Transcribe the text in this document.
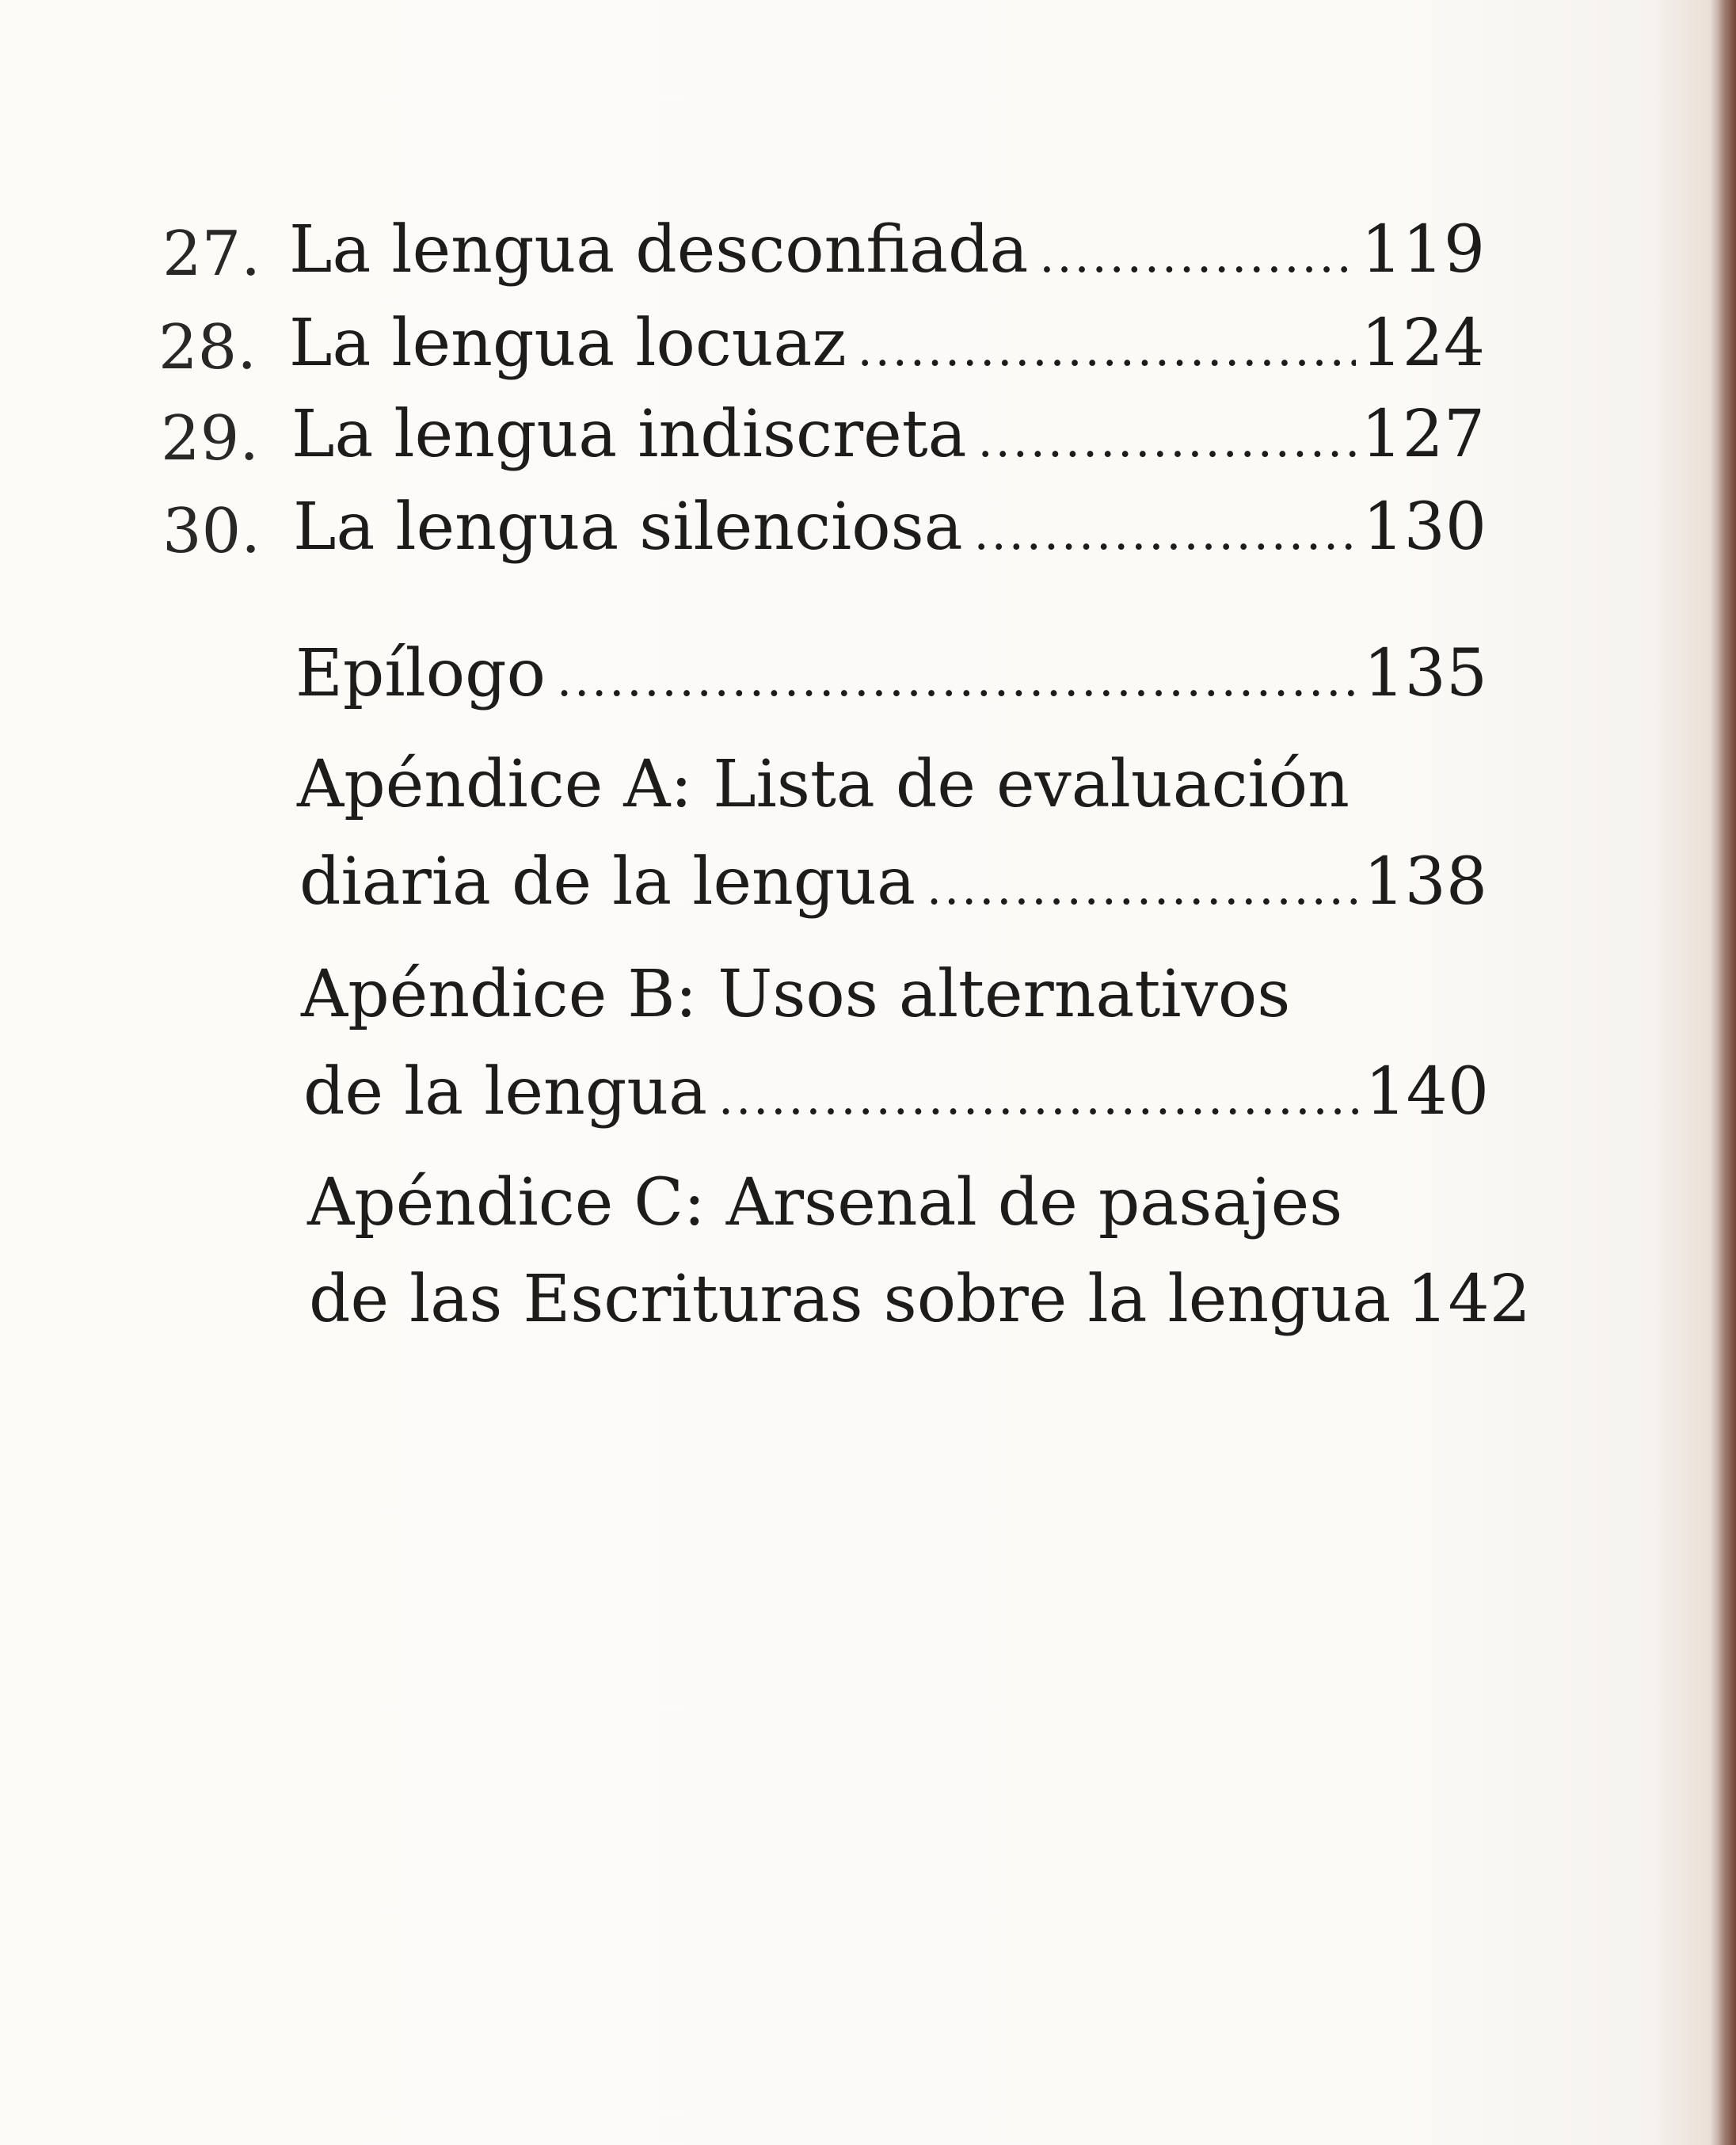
27. La lengua desconfiada .....	119
28. La lengua locuaz .....	124
29. La lengua indiscreta .....	127
30. La lengua silenciosa .....	130
Epílogo .....	135
Apéndice A: Lista de evaluación
diaria de la lengua .....	138
Apéndice B: Usos alternativos
de la lengua .....	140
Apéndice C: Arsenal de pasajes
de las Escrituras sobre la lengua 142
